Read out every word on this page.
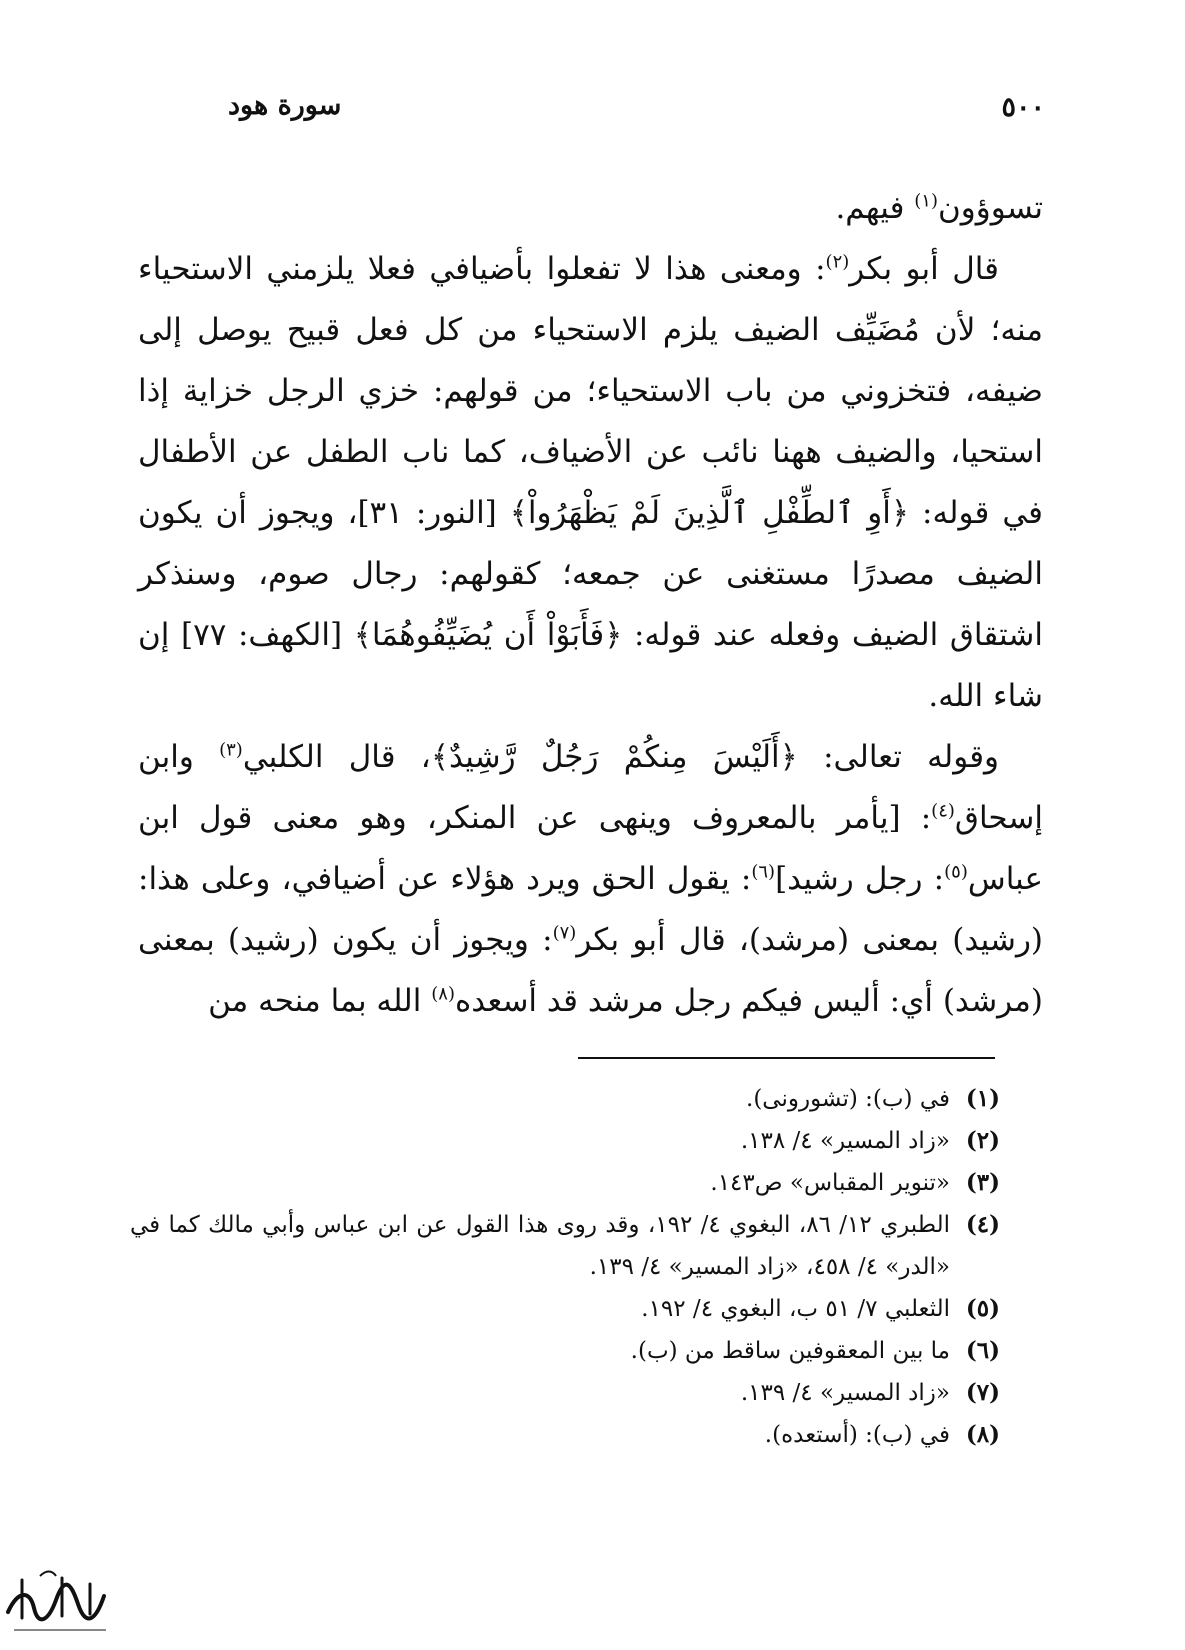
سورة هود	٥٠٠

تسوؤون$^{(١)}$ فيهم.

قال أبو بكر$^{(٢)}$: ومعنى هذا لا تفعلوا بأضيافي فعلا يلزمني الاستحياء منه؛ لأن مُضَيِّف الضيف يلزم الاستحياء من كل فعل قبيح يوصل إلى ضيفه، فتخزوني من باب الاستحياء؛ من قولهم: خزي الرجل خزاية إذا استحيا، والضيف ههنا نائب عن الأضياف، كما ناب الطفل عن الأطفال في قوله: ﴿أَوِ ٱلطِّفْلِ ٱلَّذِينَ لَمْ يَظْهَرُواْ﴾ [النور: ٣١]، ويجوز أن يكون الضيف مصدرًا مستغنى عن جمعه؛ كقولهم: رجال صوم، وسنذكر اشتقاق الضيف وفعله عند قوله: ﴿فَأَبَوْاْ أَن يُضَيِّفُوهُمَا﴾ [الكهف: ٧٧] إن شاء الله.

وقوله تعالى: ﴿أَلَيْسَ مِنكُمْ رَجُلٌ رَّشِيدٌ﴾، قال الكلبي$^{(٣)}$ وابن إسحاق$^{(٤)}$: [يأمر بالمعروف وينهى عن المنكر، وهو معنى قول ابن عباس$^{(٥)}$: رجل رشيد]$^{(٦)}$: يقول الحق ويرد هؤلاء عن أضيافي، وعلى هذا: (رشيد) بمعنى (مرشد)، قال أبو بكر$^{(٧)}$: ويجوز أن يكون (رشيد) بمعنى (مرشد) أي: أليس فيكم رجل مرشد قد أسعده$^{(٨)}$ الله بما منحه من

(١)
في (ب): (تشورونی).
(٢)
«زاد المسير» ٤/ ١٣٨.
(٣)
«تنوير المقباس» ص١٤٣.
(٤)
الطبري ١٢/ ٨٦، البغوي ٤/ ١٩٢، وقد روى هذا القول عن ابن عباس وأبي مالك كما في «الدر» ٤/ ٤٥٨، «زاد المسير» ٤/ ١٣٩.
(٥)
الثعلبي ٧/ ٥١ ب، البغوي ٤/ ١٩٢.
(٦)
ما بين المعقوفين ساقط من (ب).
(٧)
«زاد المسير» ٤/ ١٣٩.
(٨)
في (ب): (أستعده).
